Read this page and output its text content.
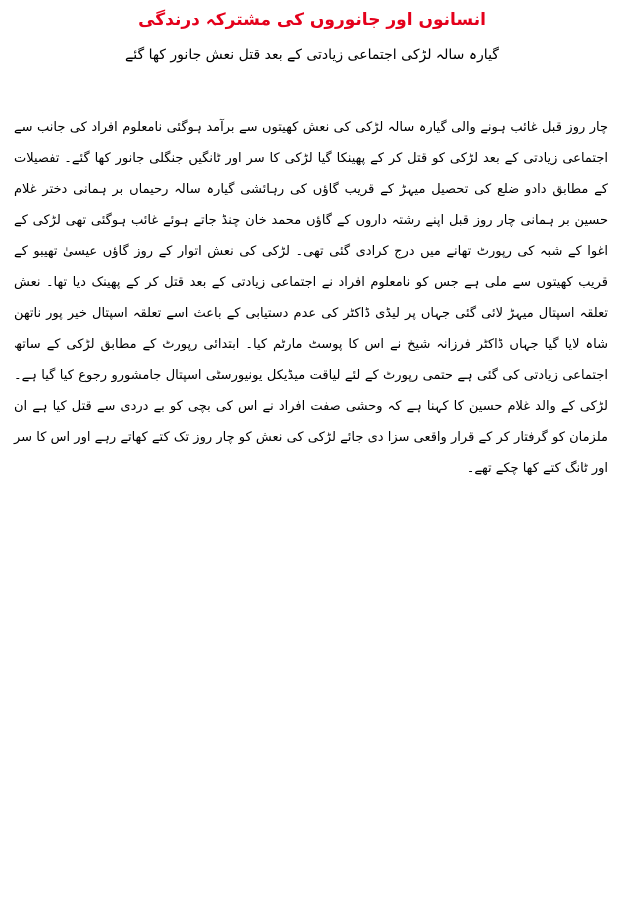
انسانوں اور جانوروں کی مشترکہ درندگی
گیارہ سالہ لڑکی اجتماعی زیادتی کے بعد قتل نعش جانور کھا گئے
چار روز قبل غائب ہونے والی گیارہ سالہ لڑکی کی نعش کھیتوں سے برآمد ہوگئی نامعلوم افراد کی جانب سے اجتماعی زیادتی کے بعد لڑکی کو قتل کر کے پھینکا گیا لڑکی کا سر اور ٹانگیں جنگلی جانور کھا گئے۔ تفصیلات کے مطابق دادو ضلع کی تحصیل میہڑ کے قریب گاؤں کی رہائشی گیارہ سالہ رحیماں بر ہمانی دختر غلام حسین بر ہمانی چار روز قبل اپنے رشتہ داروں کے گاؤں محمد خان چنڈ جاتے ہوئے غائب ہوگئی تھی لڑکی کے اغوا کے شبہ کی رپورٹ تھانے میں درج کرادی گئی تھی۔ لڑکی کی نعش اتوار کے روز گاؤں عیسیٰ تھیبو کے قریب کھیتوں سے ملی ہے جس کو نامعلوم افراد نے اجتماعی زیادتی کے بعد قتل کر کے پھینک دیا تھا۔ نعش تعلقہ اسپتال میہڑ لائی گئی جہاں پر لیڈی ڈاکٹر کی عدم دستیابی کے باعث اسے تعلقہ اسپتال خیر پور ناتھن شاہ لایا گیا جہاں ڈاکٹر فرزانہ شیخ نے اس کا پوسٹ مارٹم کیا۔ ابتدائی رپورٹ کے مطابق لڑکی کے ساتھ اجتماعی زیادتی کی گئی ہے حتمی رپورٹ کے لئے لیاقت میڈیکل یونیورسٹی اسپتال جامشورو رجوع کیا گیا ہے۔ لڑکی کے والد غلام حسین کا کہنا ہے کہ وحشی صفت افراد نے اس کی بچی کو بے دردی سے قتل کیا ہے ان ملزمان کو گرفتار کر کے قرار واقعی سزا دی جائے لڑکی کی نعش کو چار روز تک کتے کھاتے رہے اور اس کا سر اور ٹانگ کتے کھا چکے تھے۔
